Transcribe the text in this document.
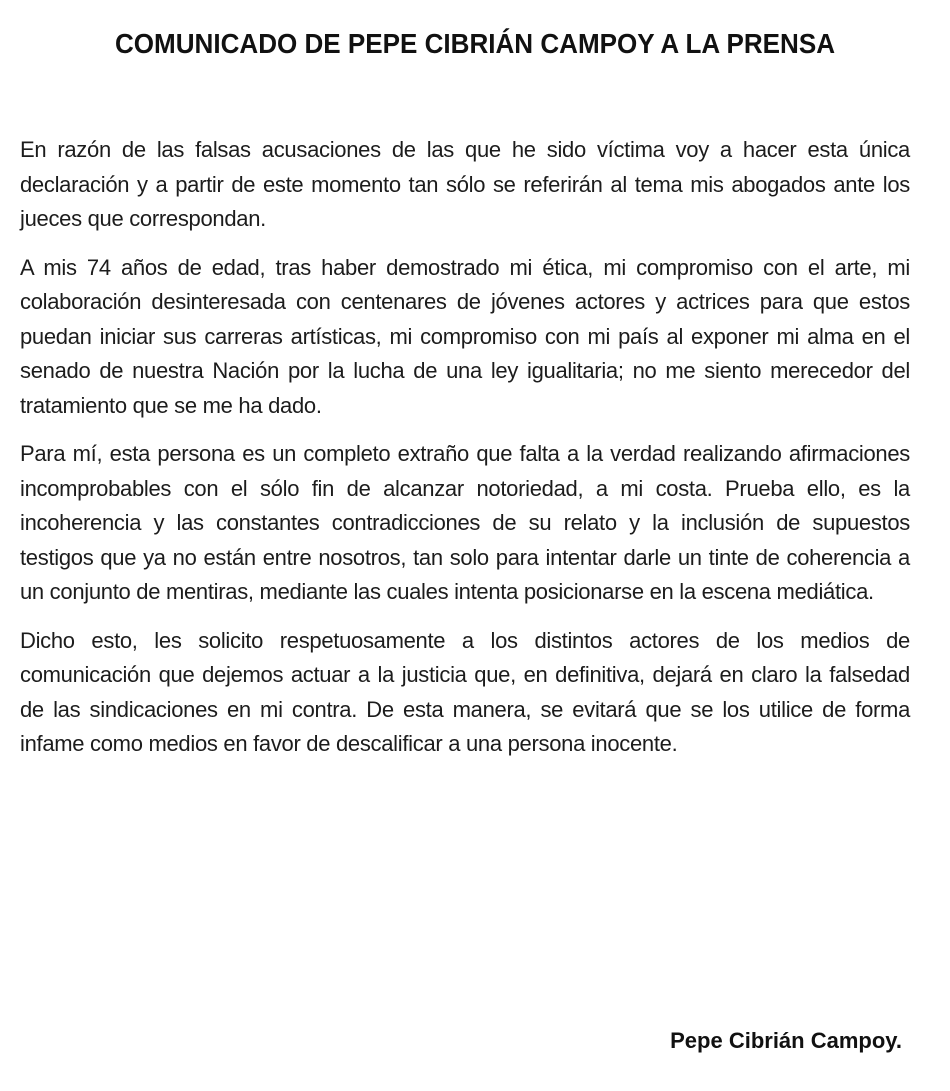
COMUNICADO DE PEPE CIBRIÁN CAMPOY A LA PRENSA

En razón de las falsas acusaciones de las que he sido víctima voy a hacer esta única declaración y a partir de este momento tan sólo se referirán al tema mis abogados ante los jueces que correspondan.

A mis 74 años de edad, tras haber demostrado mi ética, mi compromiso con el arte, mi colaboración desinteresada con centenares de jóvenes actores y actrices para que estos puedan iniciar sus carreras artísticas, mi compromiso con mi país al exponer mi alma en el senado de nuestra Nación por la lucha de una ley igualitaria; no me siento merecedor del tratamiento que se me ha dado.

Para mí, esta persona es un completo extraño que falta a la verdad realizando afirmaciones incomprobables con el sólo fin de alcanzar notoriedad, a mi costa. Prueba ello, es la incoherencia y las constantes contradicciones de su relato y la inclusión de supuestos testigos que ya no están entre nosotros, tan solo para intentar darle un tinte de coherencia a un conjunto de mentiras, mediante las cuales intenta posicionarse en la escena mediática.

Dicho esto, les solicito respetuosamente a los distintos actores de los medios de comunicación que dejemos actuar a la justicia que, en definitiva, dejará en claro la falsedad de las sindicaciones en mi contra. De esta manera, se evitará que se los utilice de forma infame como medios en favor de descalificar a una persona inocente.

Pepe Cibrián Campoy.
